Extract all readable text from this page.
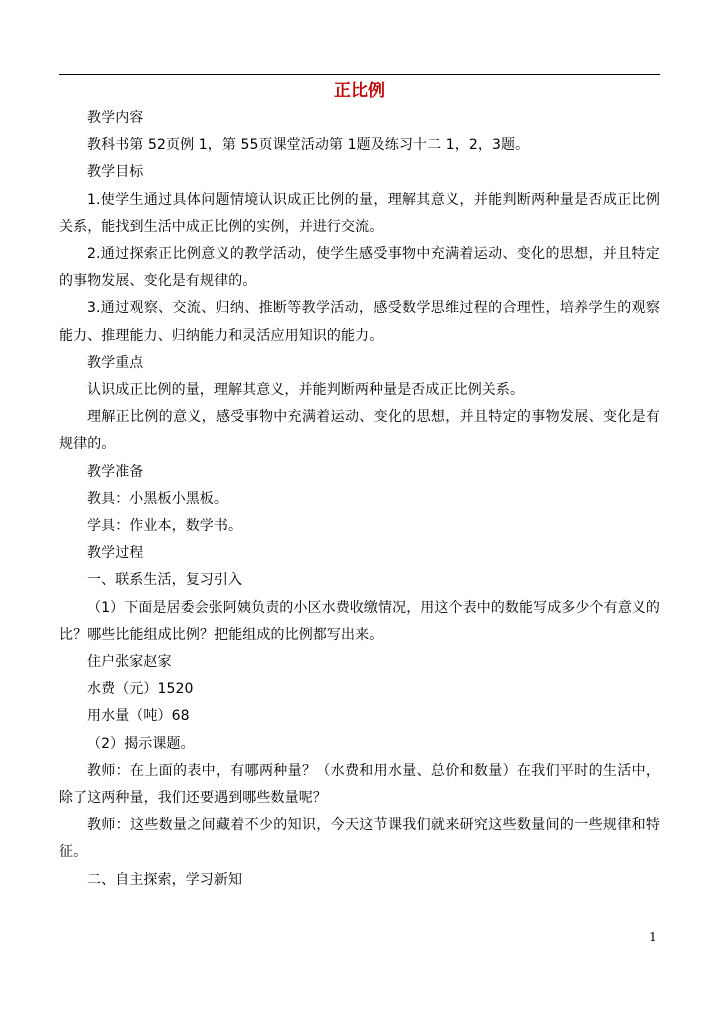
正比例

教学内容

教科书第 52页例 1，第 55页课堂活动第 1题及练习十二 1，2，3题。

教学目标

1.使学生通过具体问题情境认识成正比例的量，理解其意义，并能判断两种量是否成正比例关系，能找到生活中成正比例的实例，并进行交流。

2.通过探索正比例意义的教学活动，使学生感受事物中充满着运动、变化的思想，并且特定的事物发展、变化是有规律的。

3.通过观察、交流、归纳、推断等教学活动，感受数学思维过程的合理性，培养学生的观察能力、推理能力、归纳能力和灵活应用知识的能力。

教学重点

认识成正比例的量，理解其意义，并能判断两种量是否成正比例关系。

理解正比例的意义，感受事物中充满着运动、变化的思想，并且特定的事物发展、变化是有规律的。

教学准备

教具：小黑板小黑板。

学具：作业本，数学书。

教学过程

一、联系生活，复习引入

（1）下面是居委会张阿姨负责的小区水费收缴情况，用这个表中的数能写成多少个有意义的比？哪些比能组成比例？把能组成的比例都写出来。

住户张家赵家

水费（元）1520

用水量（吨）68

（2）揭示课题。

教师：在上面的表中，有哪两种量？（水费和用水量、总价和数量）在我们平时的生活中，除了这两种量，我们还要遇到哪些数量呢？

教师：这些数量之间藏着不少的知识，今天这节课我们就来研究这些数量间的一些规律和特征。

二、自主探索，学习新知

1
